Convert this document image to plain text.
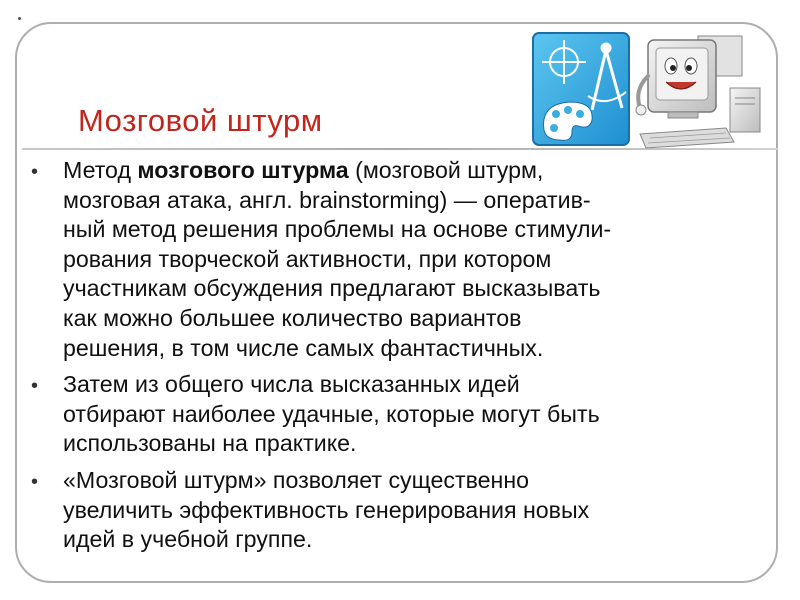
Мозговой штурм
• Метод мозгового штурма (мозговой штурм,
мозговая атака, англ. brainstorming) — оператив-
ный метод решения проблемы на основе стимули-
рования творческой активности, при котором
участникам обсуждения предлагают высказывать
как можно большее количество вариантов
решения, в том числе самых фантастичных.
• Затем из общего числа высказанных идей
отбирают наиболее удачные, которые могут быть
использованы на практике.
• «Мозговой штурм» позволяет существенно
увеличить эффективность генерирования новых
идей в учебной группе.
